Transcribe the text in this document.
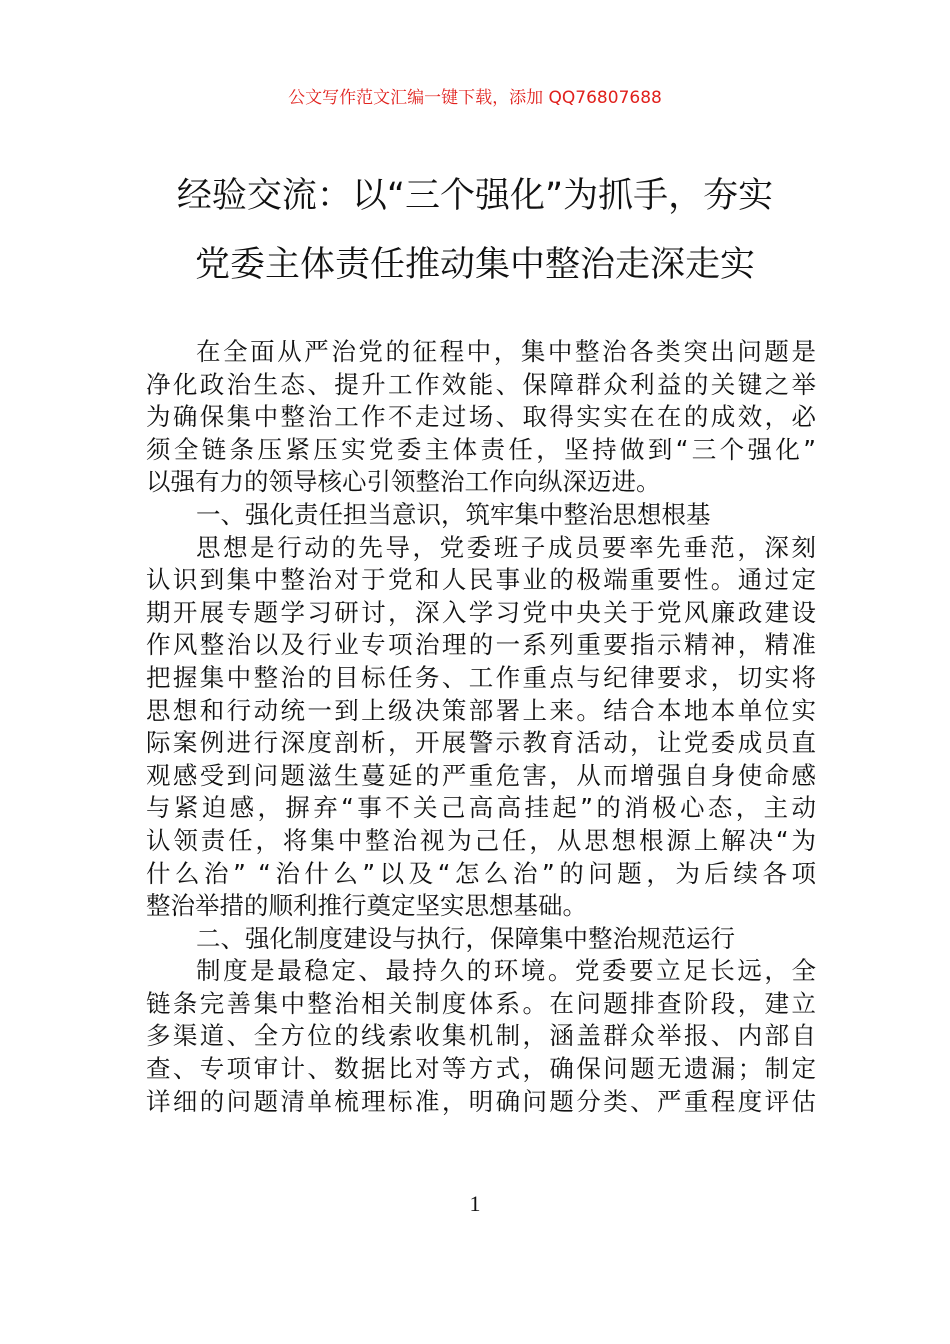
公文写作范文汇编一键下载，添加 QQ76807688
经验交流：以“三个强化”为抓手，夯实
党委主体责任推动集中整治走深走实
在全面从严治党的征程中，集中整治各类突出问题是
净化政治生态、提升工作效能、保障群众利益的关键之举
为确保集中整治工作不走过场、取得实实在在的成效，必
须全链条压紧压实党委主体责任，坚持做到“三个强化”
以强有力的领导核心引领整治工作向纵深迈进。
一、强化责任担当意识，筑牢集中整治思想根基
思想是行动的先导，党委班子成员要率先垂范，深刻
认识到集中整治对于党和人民事业的极端重要性。通过定
期开展专题学习研讨，深入学习党中央关于党风廉政建设
作风整治以及行业专项治理的一系列重要指示精神，精准
把握集中整治的目标任务、工作重点与纪律要求，切实将
思想和行动统一到上级决策部署上来。结合本地本单位实
际案例进行深度剖析，开展警示教育活动，让党委成员直
观感受到问题滋生蔓延的严重危害，从而增强自身使命感
与紧迫感，摒弃“事不关己高高挂起”的消极心态，主动
认领责任，将集中整治视为己任，从思想根源上解决“为
什么治” “治什么”以及“怎么治”的问题，为后续各项
整治举措的顺利推行奠定坚实思想基础。
二、强化制度建设与执行，保障集中整治规范运行
制度是最稳定、最持久的环境。党委要立足长远，全
链条完善集中整治相关制度体系。在问题排查阶段，建立
多渠道、全方位的线索收集机制，涵盖群众举报、内部自
查、专项审计、数据比对等方式，确保问题无遗漏；制定
详细的问题清单梳理标准，明确问题分类、严重程度评估
1
